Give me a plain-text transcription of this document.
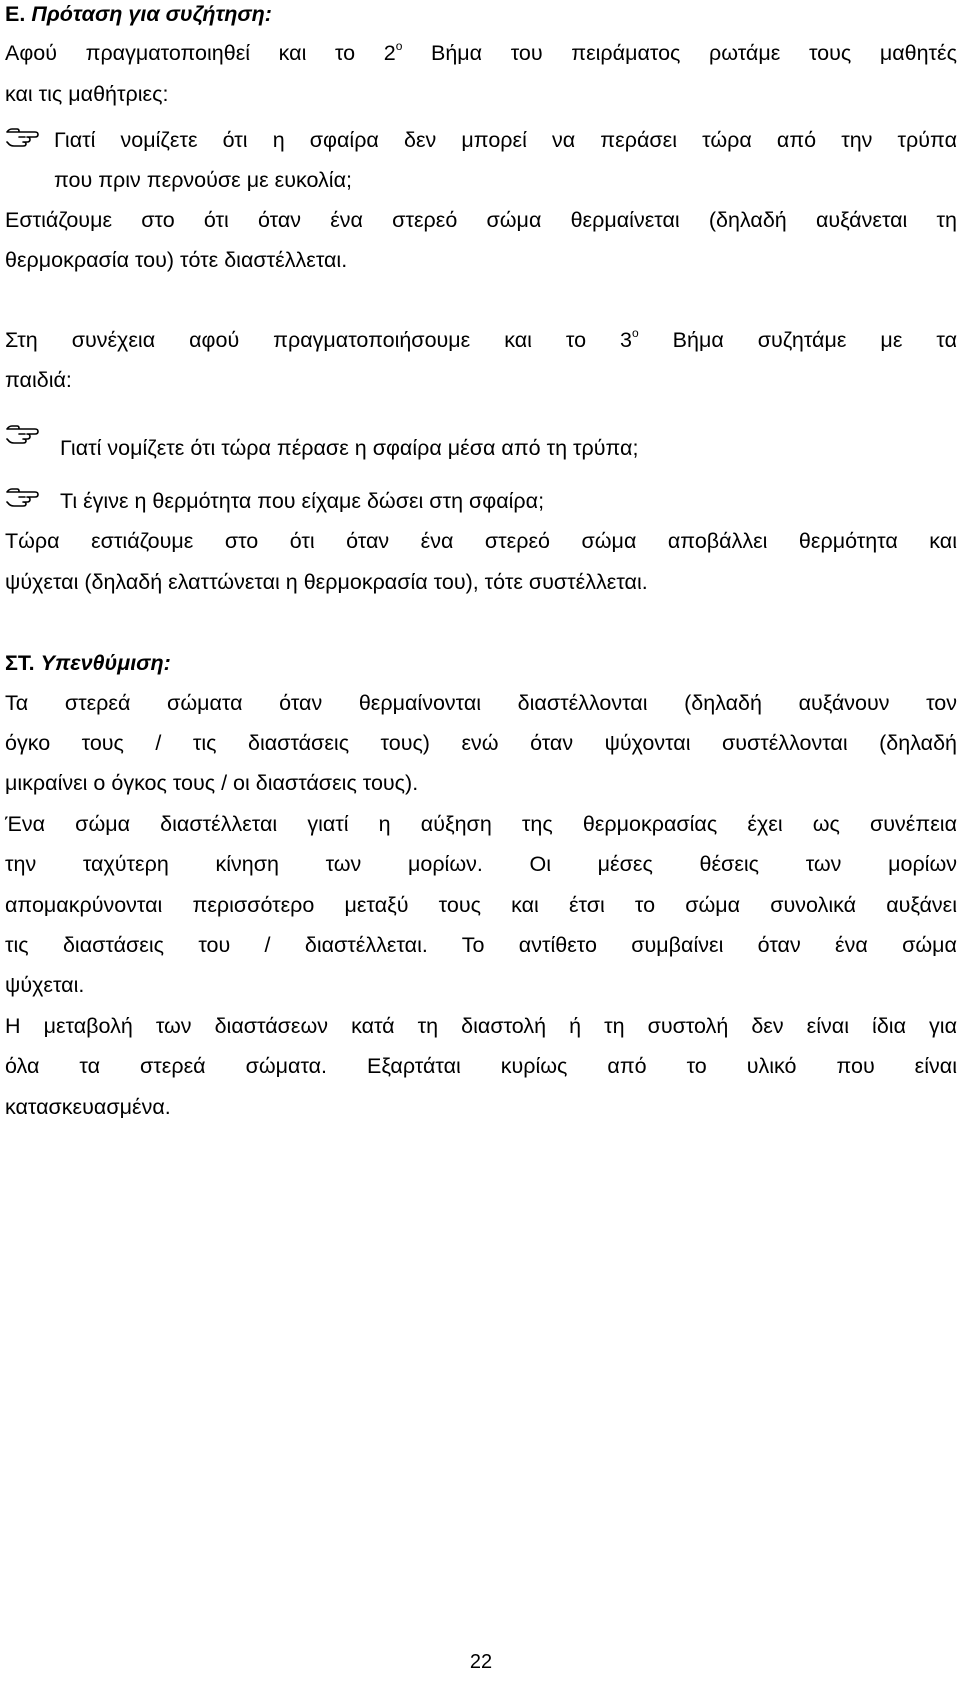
Ε. Πρόταση για συζήτηση:
Αφού πραγματοποιηθεί και το $2^o$ Βήμα του πειράματος ρωτάμε τους μαθητές
και τις μαθήτριες:
Γιατί νομίζετε ότι η σφαίρα δεν μπορεί να περάσει τώρα από την τρύπα
που πριν περνούσε με ευκολία;
Εστιάζουμε στο ότι όταν ένα στερεό σώμα θερμαίνεται (δηλαδή αυξάνεται τη
θερμοκρασία του) τότε διαστέλλεται.
Στη συνέχεια αφού πραγματοποιήσουμε και το $3^o$ Βήμα συζητάμε με τα
παιδιά:
Γιατί νομίζετε ότι τώρα πέρασε η σφαίρα μέσα από τη τρύπα;
Τι έγινε η θερμότητα που είχαμε δώσει στη σφαίρα;
Τώρα εστιάζουμε στο ότι όταν ένα στερεό σώμα αποβάλλει θερμότητα και
ψύχεται (δηλαδή ελαττώνεται η θερμοκρασία του), τότε συστέλλεται.
ΣΤ. Υπενθύμιση:
Τα στερεά σώματα όταν θερμαίνονται διαστέλλονται (δηλαδή αυξάνουν τον
όγκο τους / τις διαστάσεις τους) ενώ όταν ψύχονται συστέλλονται (δηλαδή
μικραίνει ο όγκος τους / οι διαστάσεις τους).
Ένα σώμα διαστέλλεται γιατί η αύξηση της θερμοκρασίας έχει ως συνέπεια
την ταχύτερη κίνηση των μορίων. Οι μέσες θέσεις των μορίων
απομακρύνονται περισσότερο μεταξύ τους και έτσι το σώμα συνολικά αυξάνει
τις διαστάσεις του / διαστέλλεται. Το αντίθετο συμβαίνει όταν ένα σώμα
ψύχεται.
Η μεταβολή των διαστάσεων κατά τη διαστολή ή τη συστολή δεν είναι ίδια για
όλα τα στερεά σώματα. Εξαρτάται κυρίως από το υλικό που είναι
κατασκευασμένα.
22
